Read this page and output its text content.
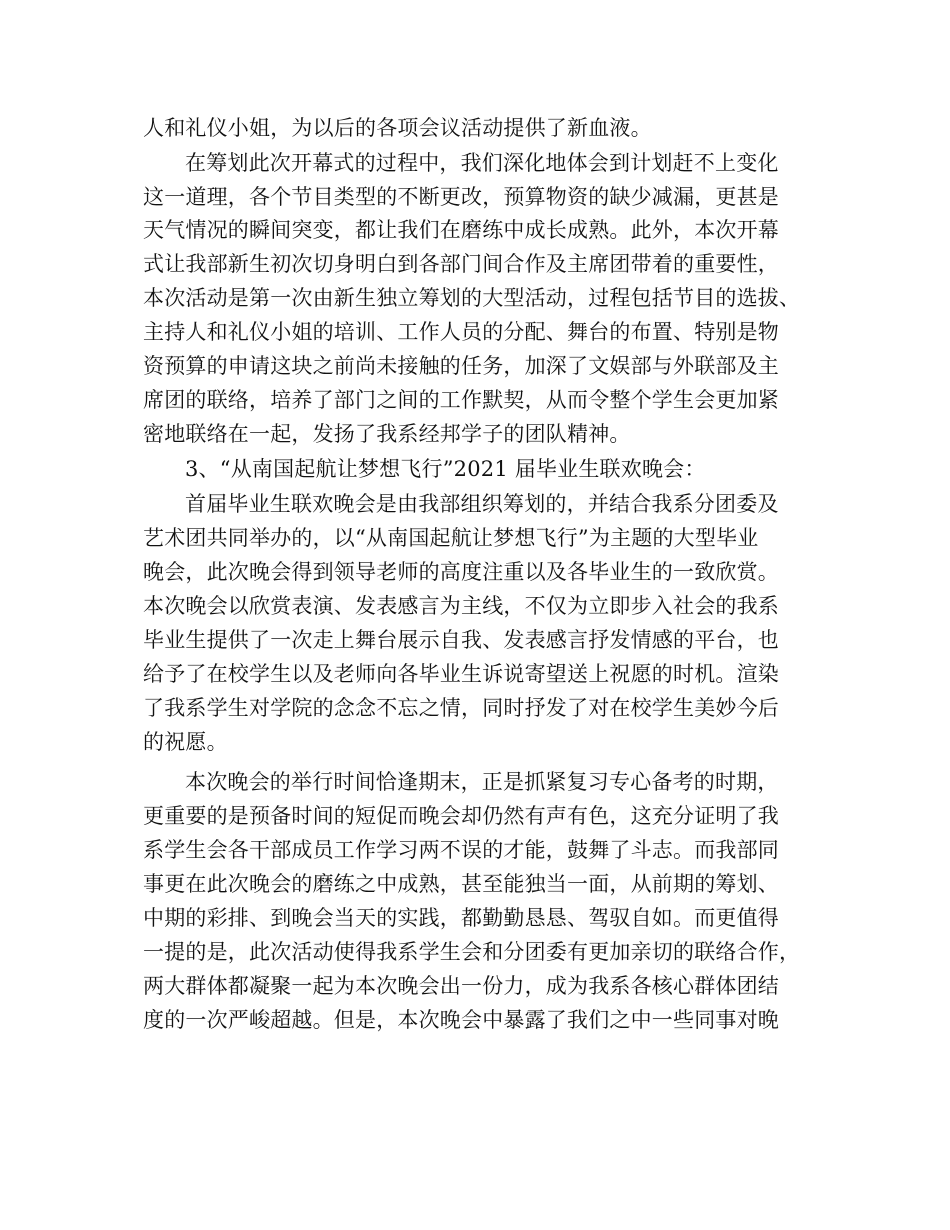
人和礼仪小姐，为以后的各项会议活动提供了新血液。
在筹划此次开幕式的过程中，我们深化地体会到计划赶不上变化
这一道理，各个节目类型的不断更改，预算物资的缺少减漏，更甚是
天气情况的瞬间突变，都让我们在磨练中成长成熟。此外，本次开幕
式让我部新生初次切身明白到各部门间合作及主席团带着的重要性，
本次活动是第一次由新生独立筹划的大型活动，过程包括节目的选拔、
主持人和礼仪小姐的培训、工作人员的分配、舞台的布置、特别是物
资预算的申请这块之前尚未接触的任务，加深了文娱部与外联部及主
席团的联络，培养了部门之间的工作默契，从而令整个学生会更加紧
密地联络在一起，发扬了我系经邦学子的团队精神。
3、“从南国起航让梦想飞行”2021 届毕业生联欢晚会：
首届毕业生联欢晚会是由我部组织筹划的，并结合我系分团委及
艺术团共同举办的，以“从南国起航让梦想飞行”为主题的大型毕业
晚会，此次晚会得到领导老师的高度注重以及各毕业生的一致欣赏。
本次晚会以欣赏表演、发表感言为主线，不仅为立即步入社会的我系
毕业生提供了一次走上舞台展示自我、发表感言抒发情感的平台，也
给予了在校学生以及老师向各毕业生诉说寄望送上祝愿的时机。渲染
了我系学生对学院的念念不忘之情，同时抒发了对在校学生美妙今后
的祝愿。
本次晚会的举行时间恰逢期末，正是抓紧复习专心备考的时期，
更重要的是预备时间的短促而晚会却仍然有声有色，这充分证明了我
系学生会各干部成员工作学习两不误的才能，鼓舞了斗志。而我部同
事更在此次晚会的磨练之中成熟，甚至能独当一面，从前期的筹划、
中期的彩排、到晚会当天的实践，都勤勤恳恳、驾驭自如。而更值得
一提的是，此次活动使得我系学生会和分团委有更加亲切的联络合作，
两大群体都凝聚一起为本次晚会出一份力，成为我系各核心群体团结
度的一次严峻超越。但是，本次晚会中暴露了我们之中一些同事对晚
